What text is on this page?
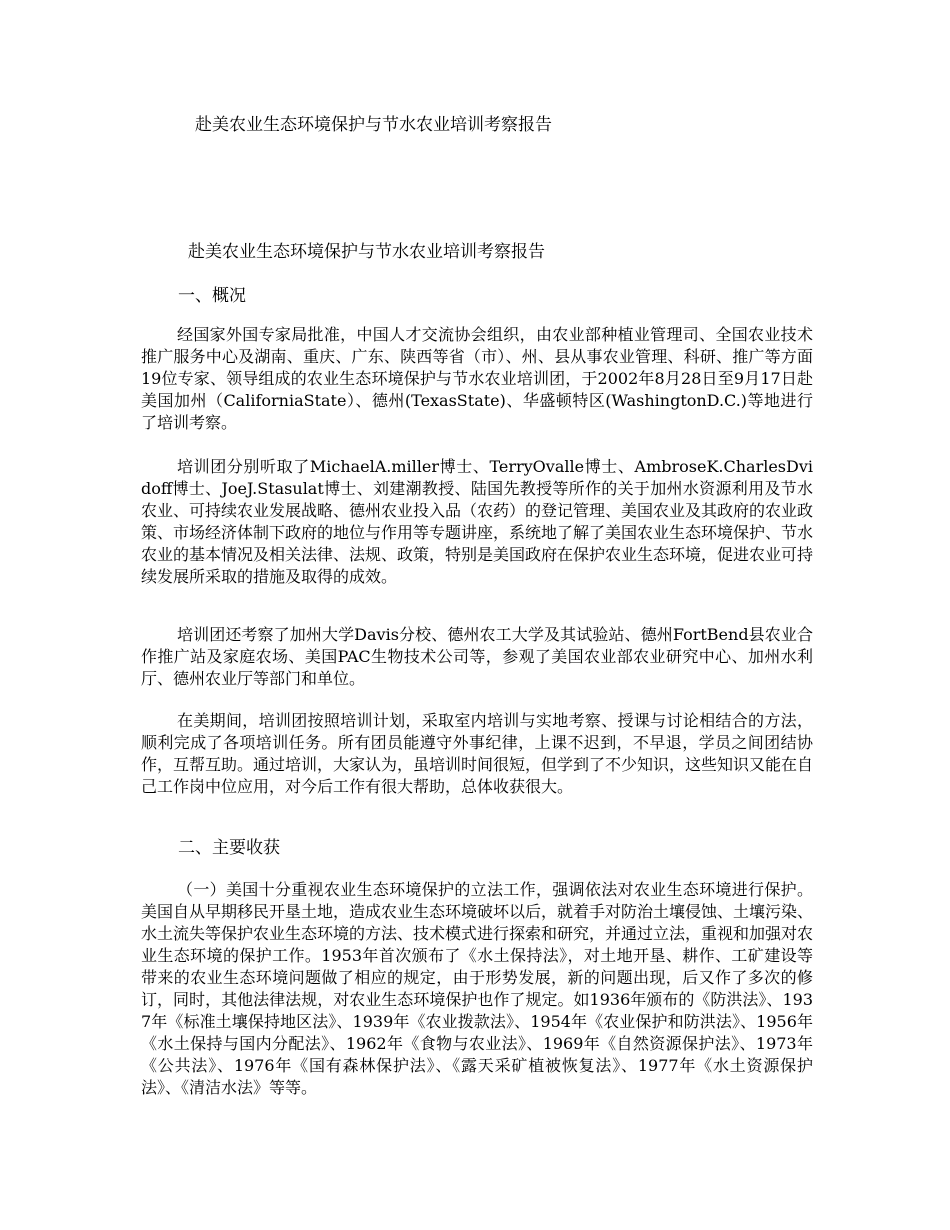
赴美农业生态环境保护与节水农业培训考察报告
赴美农业生态环境保护与节水农业培训考察报告
一、概况
经国家外国专家局批准，中国人才交流协会组织，由农业部种植业管理司、全国农业技术推广服务中心及湖南、重庆、广东、陕西等省（市）、州、县从事农业管理、科研、推广等方面19位专家、领导组成的农业生态环境保护与节水农业培训团，于2002年8月28日至9月17日赴美国加州（CaliforniaState）、德州(TexasState)、华盛顿特区(WashingtonD.C.)等地进行了培训考察。
培训团分别听取了MichaelA.miller博士、TerryOvalle博士、AmbroseK.CharlesDvidoff博士、JoeJ.Stasulat博士、刘建潮教授、陆国先教授等所作的关于加州水资源利用及节水农业、可持续农业发展战略、德州农业投入品（农药）的登记管理、美国农业及其政府的农业政策、市场经济体制下政府的地位与作用等专题讲座，系统地了解了美国农业生态环境保护、节水农业的基本情况及相关法律、法规、政策，特别是美国政府在保护农业生态环境，促进农业可持续发展所采取的措施及取得的成效。
培训团还考察了加州大学Davis分校、德州农工大学及其试验站、德州FortBend县农业合作推广站及家庭农场、美国PAC生物技术公司等，参观了美国农业部农业研究中心、加州水利厅、德州农业厅等部门和单位。
在美期间，培训团按照培训计划，采取室内培训与实地考察、授课与讨论相结合的方法，顺利完成了各项培训任务。所有团员能遵守外事纪律，上课不迟到，不早退，学员之间团结协作，互帮互助。通过培训，大家认为，虽培训时间很短，但学到了不少知识，这些知识又能在自己工作岗中位应用，对今后工作有很大帮助，总体收获很大。
二、主要收获
（一）美国十分重视农业生态环境保护的立法工作，强调依法对农业生态环境进行保护。美国自从早期移民开垦土地，造成农业生态环境破坏以后，就着手对防治土壤侵蚀、土壤污染、水土流失等保护农业生态环境的方法、技术模式进行探索和研究，并通过立法，重视和加强对农业生态环境的保护工作。1953年首次颁布了《水土保持法》，对土地开垦、耕作、工矿建设等带来的农业生态环境问题做了相应的规定，由于形势发展，新的问题出现，后又作了多次的修订，同时，其他法律法规，对农业生态环境保护也作了规定。如1936年颁布的《防洪法》、1937年《标准土壤保持地区法》、1939年《农业拨款法》、1954年《农业保护和防洪法》、1956年《水土保持与国内分配法》、1962年《食物与农业法》、1969年《自然资源保护法》、1973年《公共法》、1976年《国有森林保护法》、《露天采矿植被恢复法》、1977年《水土资源保护法》、《清洁水法》等等。
